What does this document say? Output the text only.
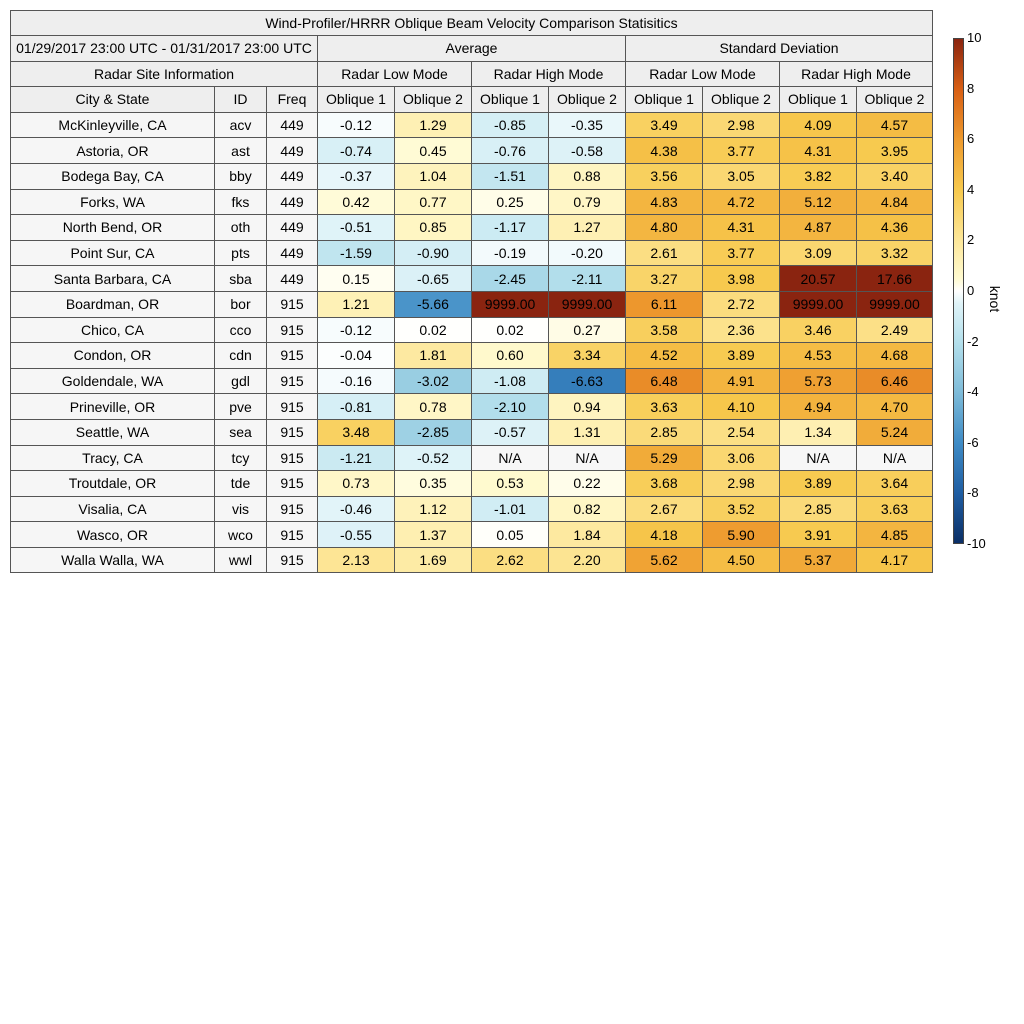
Wind-Profiler/HRRR Oblique Beam Velocity Comparison Statisitics										
01/29/2017 23:00 UTC - 01/31/2017 23:00 UTC			Average				Standard Deviation			
Radar Site Information			Radar Low Mode		Radar High Mode		Radar Low Mode		Radar High Mode	
City & State	ID	Freq	Oblique 1	Oblique 2	Oblique 1	Oblique 2	Oblique 1	Oblique 2	Oblique 1	Oblique 2
McKinleyville, CA	acv	449	-0.12	1.29	-0.85	-0.35	3.49	2.98	4.09	4.57
Astoria, OR	ast	449	-0.74	0.45	-0.76	-0.58	4.38	3.77	4.31	3.95
Bodega Bay, CA	bby	449	-0.37	1.04	-1.51	0.88	3.56	3.05	3.82	3.40
Forks, WA	fks	449	0.42	0.77	0.25	0.79	4.83	4.72	5.12	4.84
North Bend, OR	oth	449	-0.51	0.85	-1.17	1.27	4.80	4.31	4.87	4.36
Point Sur, CA	pts	449	-1.59	-0.90	-0.19	-0.20	2.61	3.77	3.09	3.32
Santa Barbara, CA	sba	449	0.15	-0.65	-2.45	-2.11	3.27	3.98	20.57	17.66
Boardman, OR	bor	915	1.21	-5.66	9999.00	9999.00	6.11	2.72	9999.00	9999.00
Chico, CA	cco	915	-0.12	0.02	0.02	0.27	3.58	2.36	3.46	2.49
Condon, OR	cdn	915	-0.04	1.81	0.60	3.34	4.52	3.89	4.53	4.68
Goldendale, WA	gdl	915	-0.16	-3.02	-1.08	-6.63	6.48	4.91	5.73	6.46
Prineville, OR	pve	915	-0.81	0.78	-2.10	0.94	3.63	4.10	4.94	4.70
Seattle, WA	sea	915	3.48	-2.85	-0.57	1.31	2.85	2.54	1.34	5.24
Tracy, CA	tcy	915	-1.21	-0.52	N/A	N/A	5.29	3.06	N/A	N/A
Troutdale, OR	tde	915	0.73	0.35	0.53	0.22	3.68	2.98	3.89	3.64
Visalia, CA	vis	915	-0.46	1.12	-1.01	0.82	2.67	3.52	2.85	3.63
Wasco, OR	wco	915	-0.55	1.37	0.05	1.84	4.18	5.90	3.91	4.85
Walla Walla, WA	wwl	915	2.13	1.69	2.62	2.20	5.62	4.50	5.37	4.17
10
8
6
4
2
0
-2
-4
-6
-8
-10
knot
